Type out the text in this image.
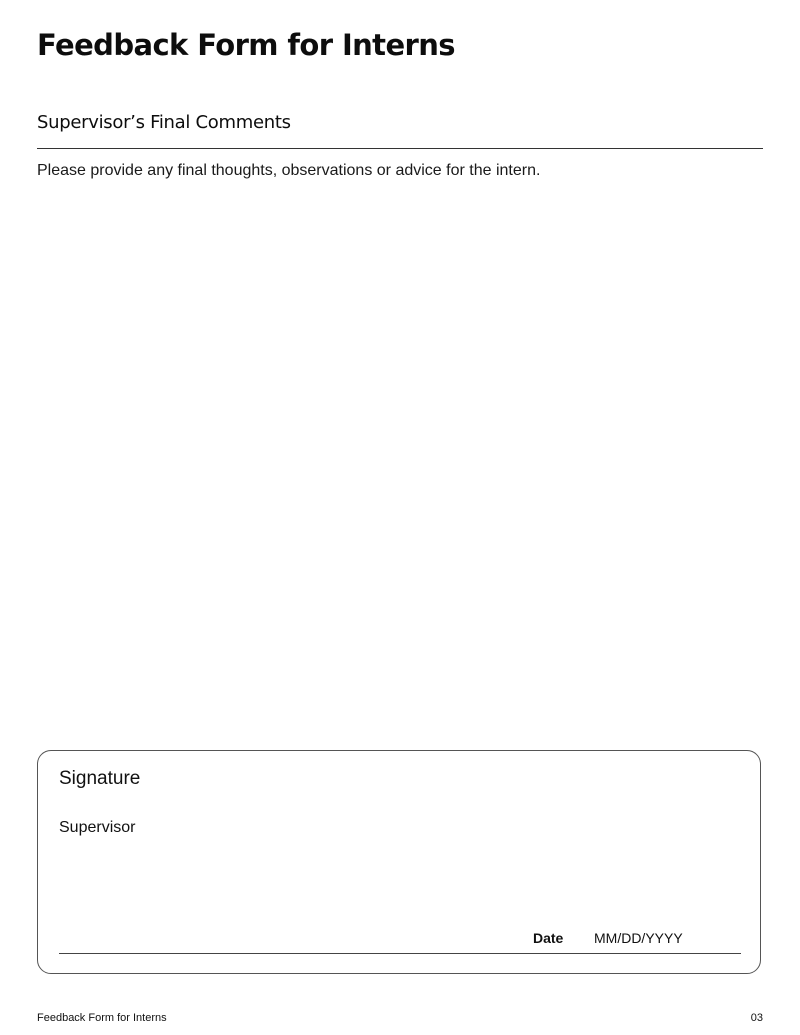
Feedback Form for Interns
Supervisor’s Final Comments

Please provide any final thoughts, observations or advice for the intern.

Signature
Supervisor
Date
MM/DD/YYYY
Feedback Form for Interns	03
